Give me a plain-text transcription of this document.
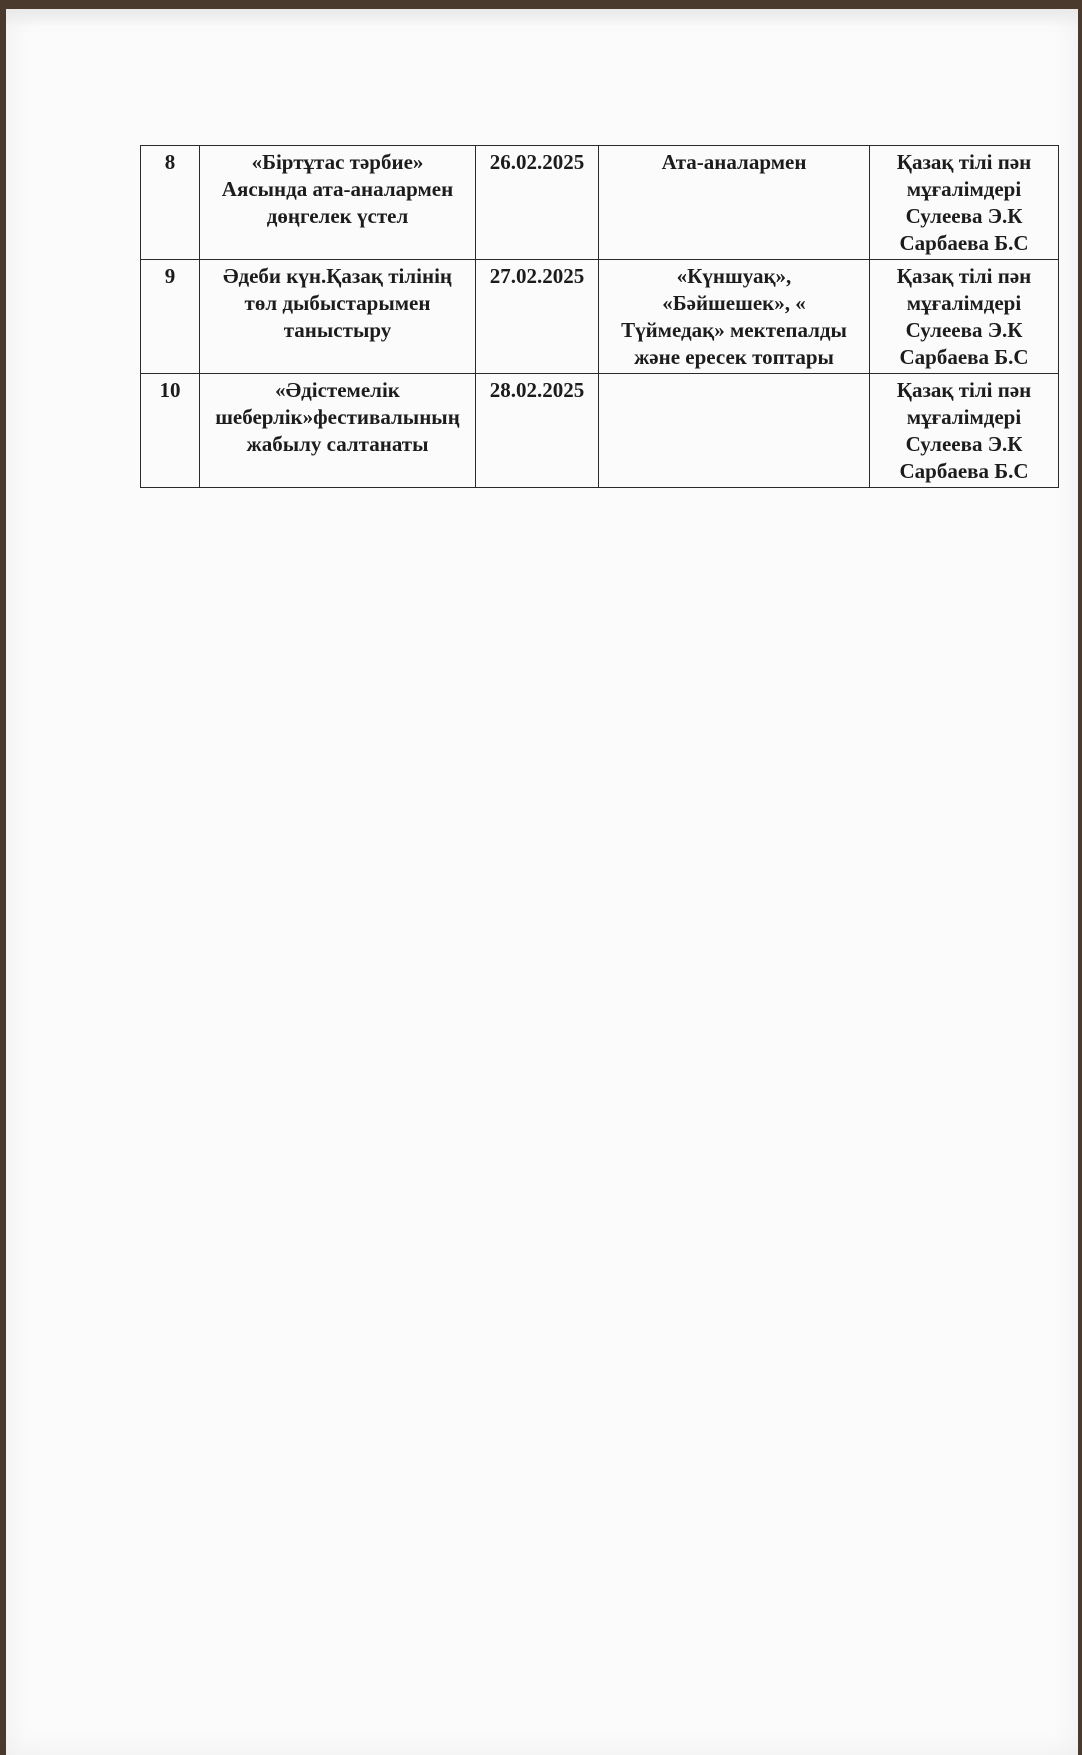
8	«Біртұтас тәрбие»
Аясында ата-аналармен
дөңгелек үстел	26.02.2025	Ата-аналармен	Қазақ тілі пән
мұғалімдері
Сулеева Э.К
Сарбаева Б.С

9	Әдеби күн.Қазақ тілінің
төл дыбыстарымен
таныстыру	27.02.2025	«Күншуақ»,
«Бәйшешек», «
Түймедақ» мектепалды
және ересек топтары	Қазақ тілі пән
мұғалімдері
Сулеева Э.К
Сарбаева Б.С

10	«Әдістемелік
шеберлік»фестивалының
жабылу салтанаты	28.02.2025		Қазақ тілі пән
мұғалімдері
Сулеева Э.К
Сарбаева Б.С
